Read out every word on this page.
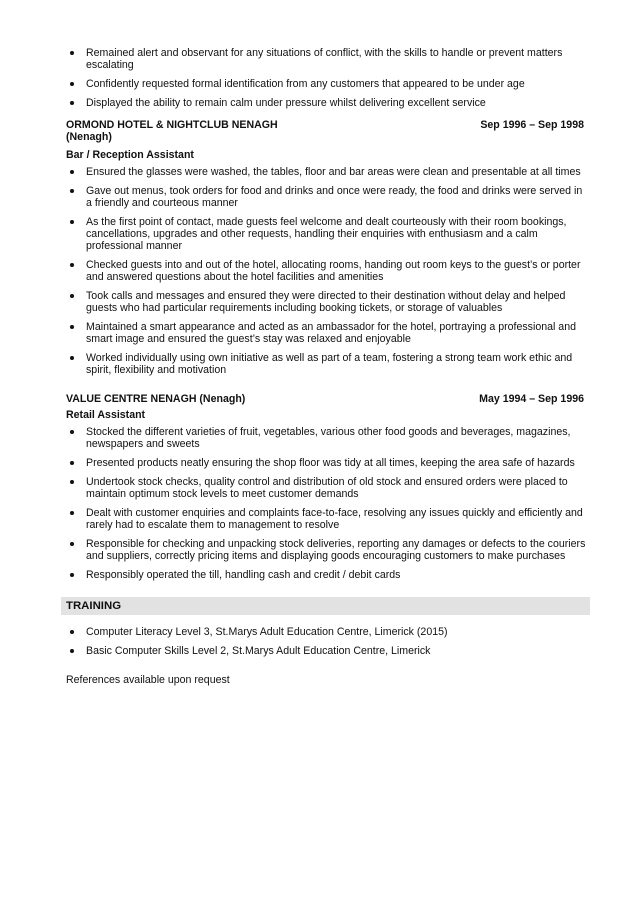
Remained alert and observant for any situations of conflict, with the skills to handle or prevent matters escalating
Confidently requested formal identification from any customers that appeared to be under age
Displayed the ability to remain calm under pressure whilst delivering excellent service
ORMOND HOTEL & NIGHTCLUB NENAGH	Sep 1996 – Sep 1998
(Nenagh)
Bar / Reception Assistant
Ensured the glasses were washed, the tables, floor and bar areas were clean and presentable at all times
Gave out menus, took orders for food and drinks and once were ready, the food and drinks were served in a friendly and courteous manner
As the first point of contact, made guests feel welcome and dealt courteously with their room bookings, cancellations, upgrades and other requests, handling their enquiries with enthusiasm and a calm professional manner
Checked guests into and out of the hotel, allocating rooms, handing out room keys to the guest’s or porter and answered questions about the hotel facilities and amenities
Took calls and messages and ensured they were directed to their destination without delay and helped guests who had particular requirements including booking tickets, or storage of valuables
Maintained a smart appearance and acted as an ambassador for the hotel, portraying a professional and smart image and ensured the guest’s stay was relaxed and enjoyable
Worked individually using own initiative as well as part of a team, fostering a strong team work ethic and spirit, flexibility and motivation
VALUE CENTRE NENAGH (Nenagh)	May 1994 – Sep 1996
Retail Assistant
Stocked the different varieties of fruit, vegetables, various other food goods and beverages, magazines, newspapers and sweets
Presented products neatly ensuring the shop floor was tidy at all times, keeping the area safe of hazards
Undertook stock checks, quality control and distribution of old stock and ensured orders were placed to maintain optimum stock levels to meet customer demands
Dealt with customer enquiries and complaints face-to-face, resolving any issues quickly and efficiently and rarely had to escalate them to management to resolve
Responsible for checking and unpacking stock deliveries, reporting any damages or defects to the couriers and suppliers, correctly pricing items and displaying goods encouraging customers to make purchases
Responsibly operated the till, handling cash and credit / debit cards
TRAINING
Computer Literacy Level 3, St.Marys Adult Education Centre, Limerick (2015)
Basic Computer Skills Level 2, St.Marys Adult Education Centre, Limerick
References available upon request
